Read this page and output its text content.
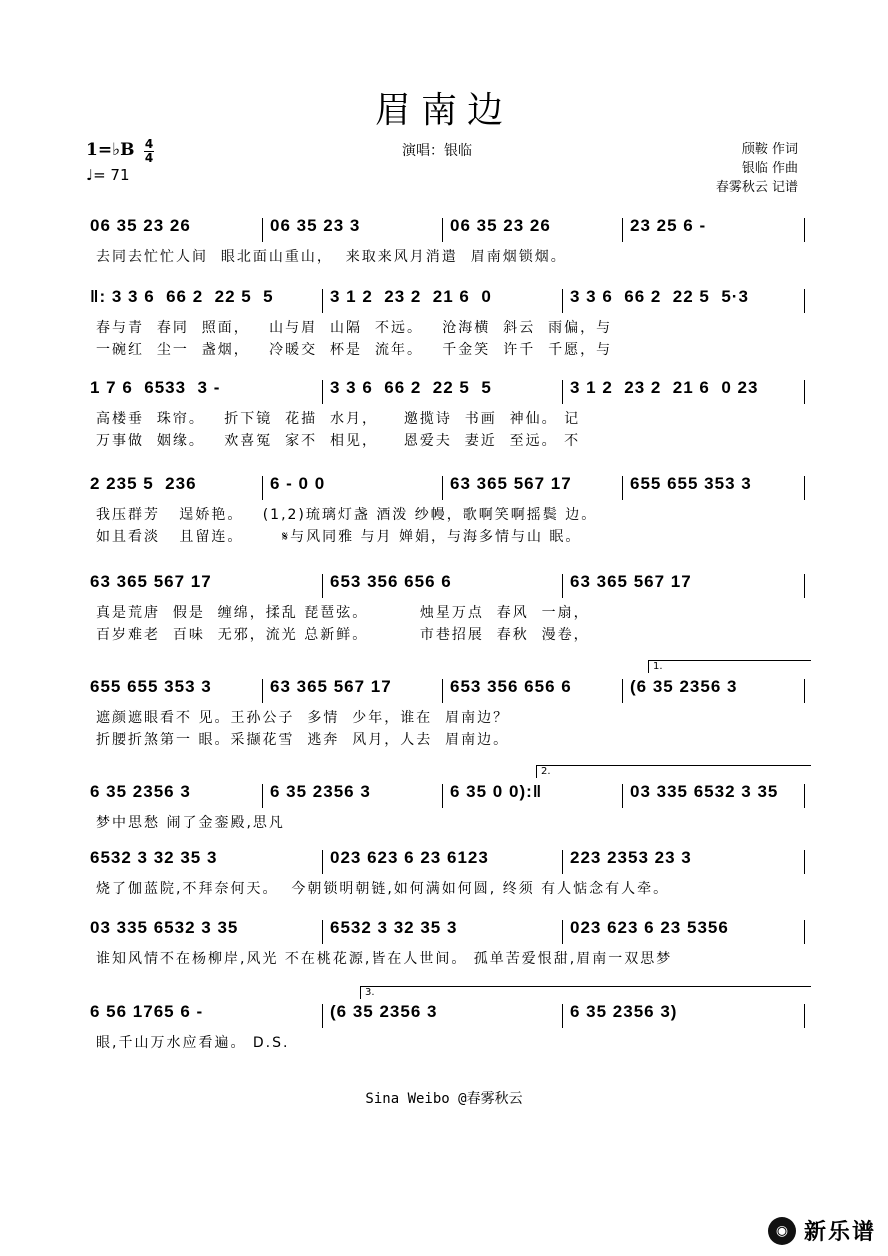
眉南边
1=♭B 4
4
♩= 71
演唱：银临	颀鞍 作词
银临 作曲
春雾秋云 记谱
06 35 23 26	06 35 23 3	06 35 23 26	23 25 6 -
去同去忙忙人间  眼北面山重山，  来取来风月消遣  眉南烟锁烟。
‖: 3 3 6  66 2  22 5  5	3 1 2  23 2  21 6  0	3 3 6  66 2  22 5  5·3
春与青  春同  照面，   山与眉  山隔  不远。   沧海横  斜云  雨偏，与
一碗红  尘一  盏烟，   冷暖交  杯是  流年。   千金笑  许千  千愿，与
1 7 6  6533  3 -	3 3 6  66 2  22 5  5	3 1 2  23 2  21 6  0 23
高楼垂  珠帘。   折下镜  花描  水月，    邀揽诗  书画  神仙。 记
万事做  姻缘。   欢喜冤  家不  相见，    恩爱夫  妻近  至远。 不
2 235 5  236	6 - 0 0	63 365 567 17	655 655 353 3
我压群芳   逞娇艳。   (1,2)琉璃灯盏 酒泼 纱幔，歌啊笑啊摇鬓 边。
如且看淡   且留连。      𝄋与风同雅 与月 婵娟，与海多情与山 眠。
63 365 567 17	653 356 656 6	63 365 567 17
真是荒唐  假是  缠绵，揉乱 琵琶弦。        烛星万点  春风  一扇，
百岁难老  百味  无邪，流光 总新鲜。        市巷招展  春秋  漫卷，
655 655 353 3	63 365 567 17	653 356 656 6	(6 35 2356 3
遮颜遮眼看不 见。王孙公子  多情  少年，谁在  眉南边？
折腰折煞第一 眼。采撷花雪  逃奔  风月，人去  眉南边。
6 35 2356 3	6 35 2356 3	6 35 0 0):‖	03 335 6532 3 35
梦中思愁 闹了金銮殿,思凡
6532 3 32 35 3	023 623 6 23 6123	223 2353 23 3
烧了伽蓝院,不拜奈何天。  今朝锁明朝链,如何满如何圆, 终须 有人惦念有人牵。
03 335 6532 3 35	6532 3 32 35 3	023 623 6 23 5356
谁知风情不在杨柳岸,风光 不在桃花源,皆在人世间。 孤单苦爱恨甜,眉南一双思梦
6 56 1765 6 -	(6 35 2356 3	6 35 2356 3)
眼,千山万水应看遍。 D.S.
1.
2.
3.
Sina Weibo @春雾秋云
◉ 新乐谱
